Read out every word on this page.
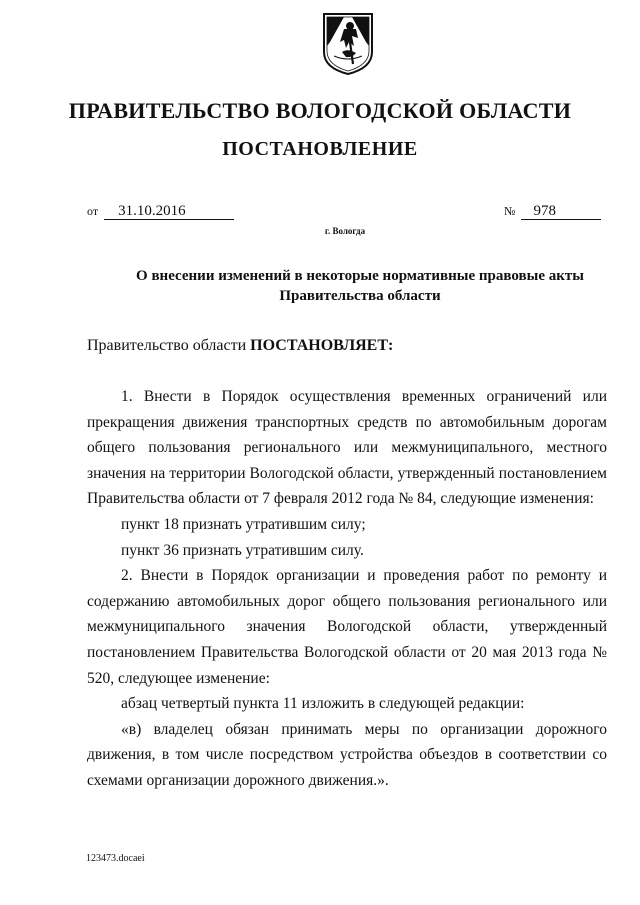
ПРАВИТЕЛЬСТВО ВОЛОГОДСКОЙ ОБЛАСТИ
ПОСТАНОВЛЕНИЕ
от 31.10.2016	№ 978
г. Вологда
О внесении изменений в некоторые нормативные правовые акты
Правительства области
Правительство области ПОСТАНОВЛЯЕТ:

1. Внести в Порядок осуществления временных ограничений или прекращения движения транспортных средств по автомобильным дорогам общего пользования регионального или межмуниципального, местного значения на территории Вологодской области, утвержденный постановлением Правительства области от 7 февраля 2012 года № 84, следующие изменения:

пункт 18 признать утратившим силу;

пункт 36 признать утратившим силу.

2. Внести в Порядок организации и проведения работ по ремонту и содержанию автомобильных дорог общего пользования регионального или межмуниципального значения Вологодской области, утвержденный постановлением Правительства Вологодской области от 20 мая 2013 года № 520, следующее изменение:

абзац четвертый пункта 11 изложить в следующей редакции:

«в) владелец обязан принимать меры по организации дорожного движения, в том числе посредством устройства объездов в соответствии со схемами организации дорожного движения.».

123473.docaei
